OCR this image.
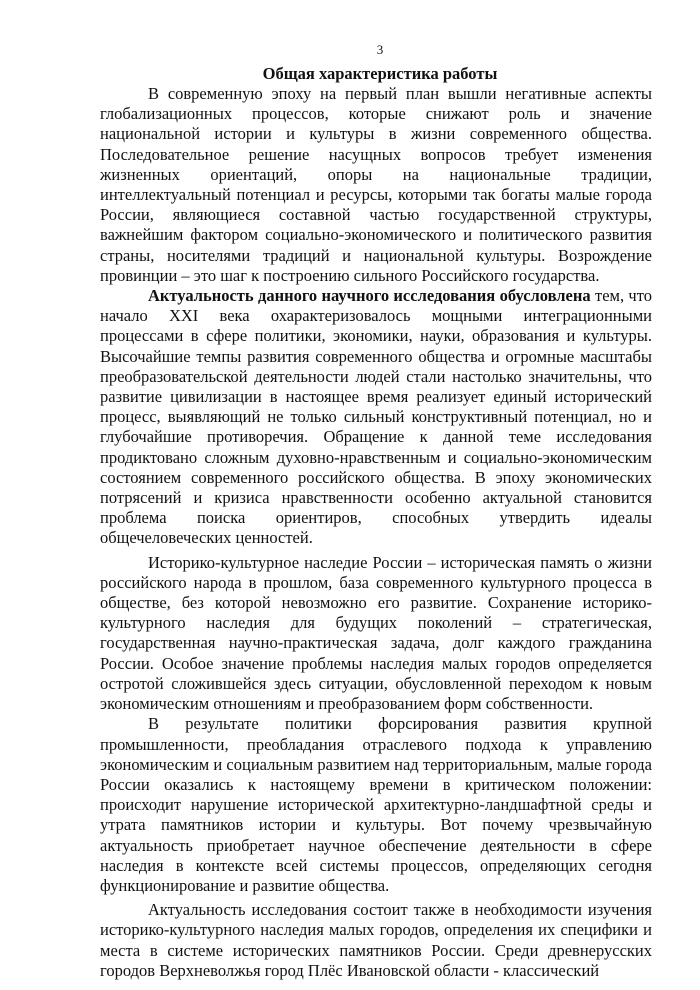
3
Общая характеристика работы

В современную эпоху на первый план вышли негативные аспекты глобализационных процессов, которые снижают роль и значение национальной истории и культуры в жизни современного общества. Последовательное решение насущных вопросов требует изменения жизненных ориентаций, опоры на национальные традиции, интеллектуальный потенциал и ресурсы, которыми так богаты малые города России, являющиеся составной частью государственной структуры, важнейшим фактором социально-экономического и политического развития страны, носителями традиций и национальной культуры. Возрождение провинции – это шаг к построению сильного Российского государства.

Актуальность данного научного исследования обусловлена тем, что начало XXI века охарактеризовалось мощными интеграционными процессами в сфере политики, экономики, науки, образования и культуры. Высочайшие темпы развития современного общества и огромные масштабы преобразовательской деятельности людей стали настолько значительны, что развитие цивилизации в настоящее время реализует единый исторический процесс, выявляющий не только сильный конструктивный потенциал, но и глубочайшие противоречия. Обращение к данной теме исследования продиктовано сложным духовно-нравственным и социально-экономическим состоянием современного российского общества. В эпоху экономических потрясений и кризиса нравственности особенно актуальной становится проблема поиска ориентиров, способных утвердить идеалы общечеловеческих ценностей.

Историко-культурное наследие России – историческая память о жизни российского народа в прошлом, база современного культурного процесса в обществе, без которой невозможно его развитие. Сохранение историко-культурного наследия для будущих поколений – стратегическая, государственная научно-практическая задача, долг каждого гражданина России. Особое значение проблемы наследия малых городов определяется остротой сложившейся здесь ситуации, обусловленной переходом к новым экономическим отношениям и преобразованием форм собственности.

В результате политики форсирования развития крупной промышленности, преобладания отраслевого подхода к управлению экономическим и социальным развитием над территориальным, малые города России оказались к настоящему времени в критическом положении: происходит нарушение исторической архитектурно-ландшафтной среды и утрата памятников истории и культуры. Вот почему чрезвычайную актуальность приобретает научное обеспечение деятельности в сфере наследия в контексте всей системы процессов, определяющих сегодня функционирование и развитие общества.

Актуальность исследования состоит также в необходимости изучения историко-культурного наследия малых городов, определения их специфики и места в системе исторических памятников России. Среди древнерусских городов Верхневолжья город Плёс Ивановской области - классический
